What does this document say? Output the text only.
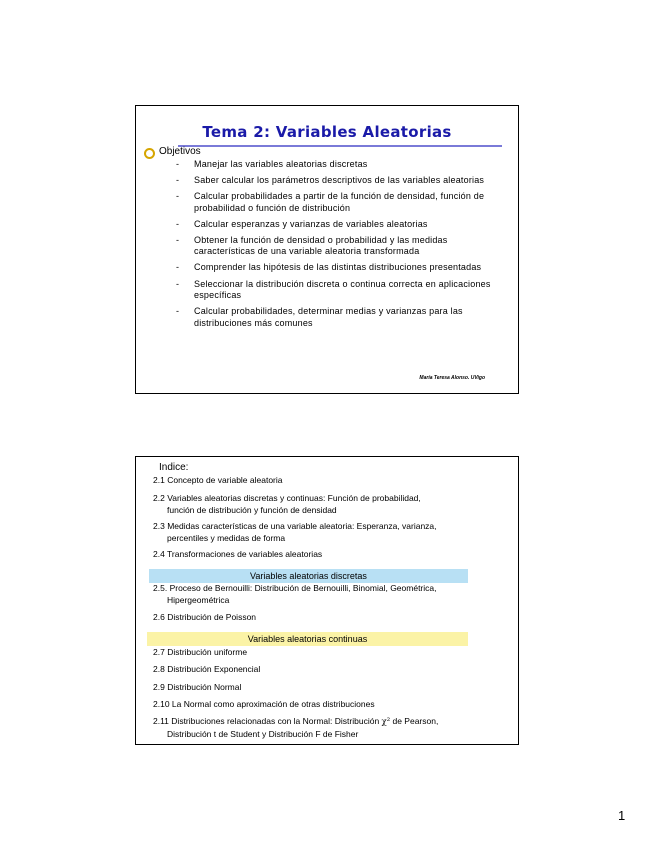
Tema 2: Variables Aleatorias
Objetivos
- Manejar las variables aleatorias discretas
- Saber calcular los parámetros descriptivos de las variables aleatorias
- Calcular probabilidades a partir de la función de densidad, función de probabilidad o función de distribución
- Calcular esperanzas y varianzas de variables aleatorias
- Obtener la función de densidad o probabilidad y las medidas características de una variable aleatoria transformada
- Comprender las hipótesis de las distintas distribuciones presentadas
- Seleccionar la distribución discreta o continua correcta en aplicaciones específicas
- Calcular probabilidades, determinar medias y varianzas para las distribuciones más comunes
María Teresa Alonso. UVigo
Indice:
2.1 Concepto de variable aleatoria
2.2 Variables aleatorias discretas y continuas: Función de probabilidad,
función de distribución y función de densidad
2.3 Medidas características de una variable aleatoria: Esperanza, varianza,
percentiles y medidas de forma
2.4 Transformaciones de variables aleatorias
Variables aleatorias discretas
2.5. Proceso de Bernouilli: Distribución de Bernouilli, Binomial, Geométrica,
Hipergeométrica
2.6 Distribución de Poisson
Variables aleatorias continuas
2.7 Distribución uniforme
2.8 Distribución Exponencial
2.9 Distribución Normal
2.10 La Normal como aproximación de otras distribuciones
2.11 Distribuciones relacionadas con la Normal: Distribución χ² de Pearson,
Distribución t de Student y Distribución F de Fisher
1
